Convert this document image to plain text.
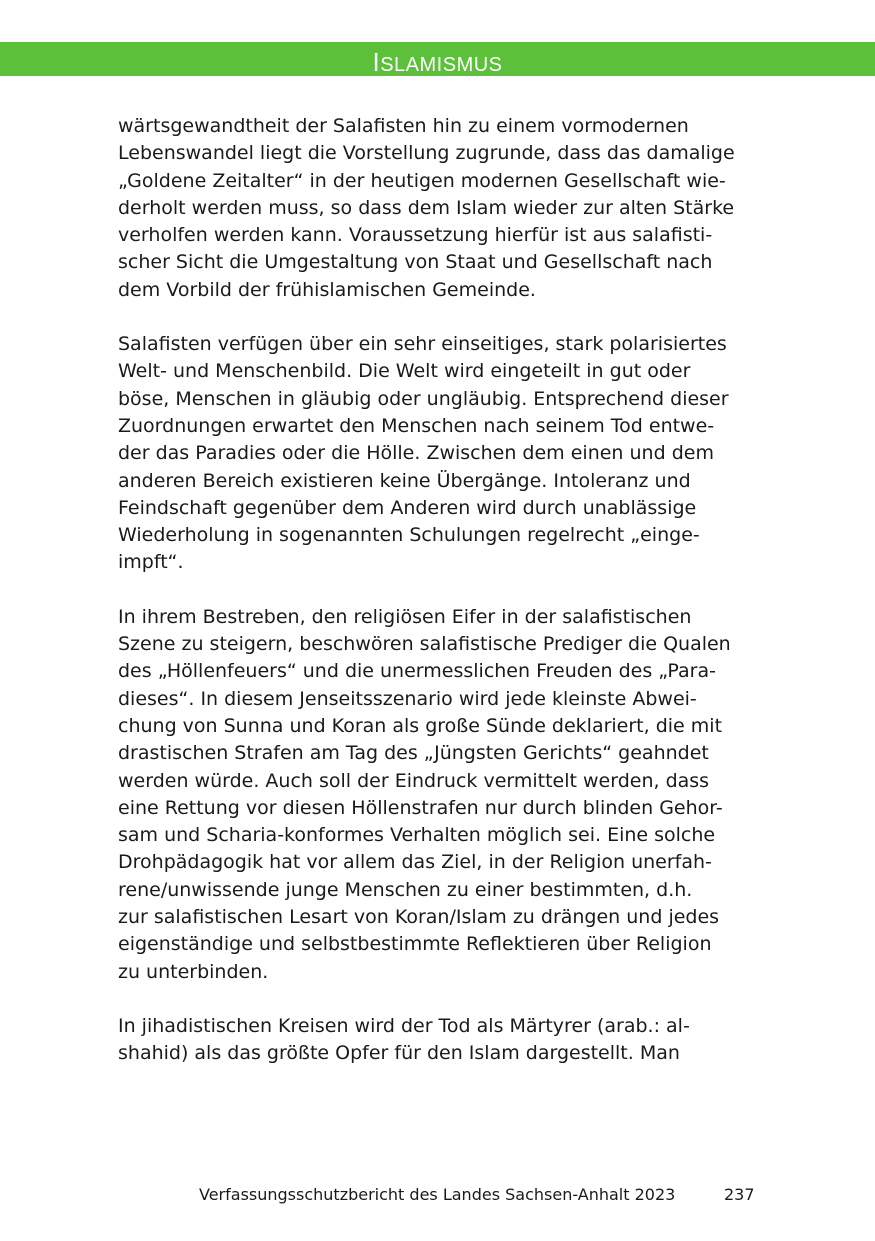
ISLAMISMUS
wärtsgewandtheit der Salafisten hin zu einem vormodernen
Lebenswandel liegt die Vorstellung zugrunde, dass das damalige
„Goldene Zeitalter“ in der heutigen modernen Gesellschaft wie-
derholt werden muss, so dass dem Islam wieder zur alten Stärke
verholfen werden kann. Voraussetzung hierfür ist aus salafisti-
scher Sicht die Umgestaltung von Staat und Gesellschaft nach
dem Vorbild der frühislamischen Gemeinde.
Salafisten verfügen über ein sehr einseitiges, stark polarisiertes
Welt- und Menschenbild. Die Welt wird eingeteilt in gut oder
böse, Menschen in gläubig oder ungläubig. Entsprechend dieser
Zuordnungen erwartet den Menschen nach seinem Tod entwe-
der das Paradies oder die Hölle. Zwischen dem einen und dem
anderen Bereich existieren keine Übergänge. Intoleranz und
Feindschaft gegenüber dem Anderen wird durch unablässige
Wiederholung in sogenannten Schulungen regelrecht „einge-
impft“.
In ihrem Bestreben, den religiösen Eifer in der salafistischen
Szene zu steigern, beschwören salafistische Prediger die Qualen
des „Höllenfeuers“ und die unermesslichen Freuden des „Para-
dieses“. In diesem Jenseitsszenario wird jede kleinste Abwei-
chung von Sunna und Koran als große Sünde deklariert, die mit
drastischen Strafen am Tag des „Jüngsten Gerichts“ geahndet
werden würde. Auch soll der Eindruck vermittelt werden, dass
eine Rettung vor diesen Höllenstrafen nur durch blinden Gehor-
sam und Scharia-konformes Verhalten möglich sei. Eine solche
Drohpädagogik hat vor allem das Ziel, in der Religion unerfah-
rene/unwissende junge Menschen zu einer bestimmten, d.h.
zur salafistischen Lesart von Koran/Islam zu drängen und jedes
eigenständige und selbstbestimmte Reflektieren über Religion
zu unterbinden.
In jihadistischen Kreisen wird der Tod als Märtyrer (arab.: al-
shahid) als das größte Opfer für den Islam dargestellt. Man
Verfassungsschutzbericht des Landes Sachsen-Anhalt 2023	237
